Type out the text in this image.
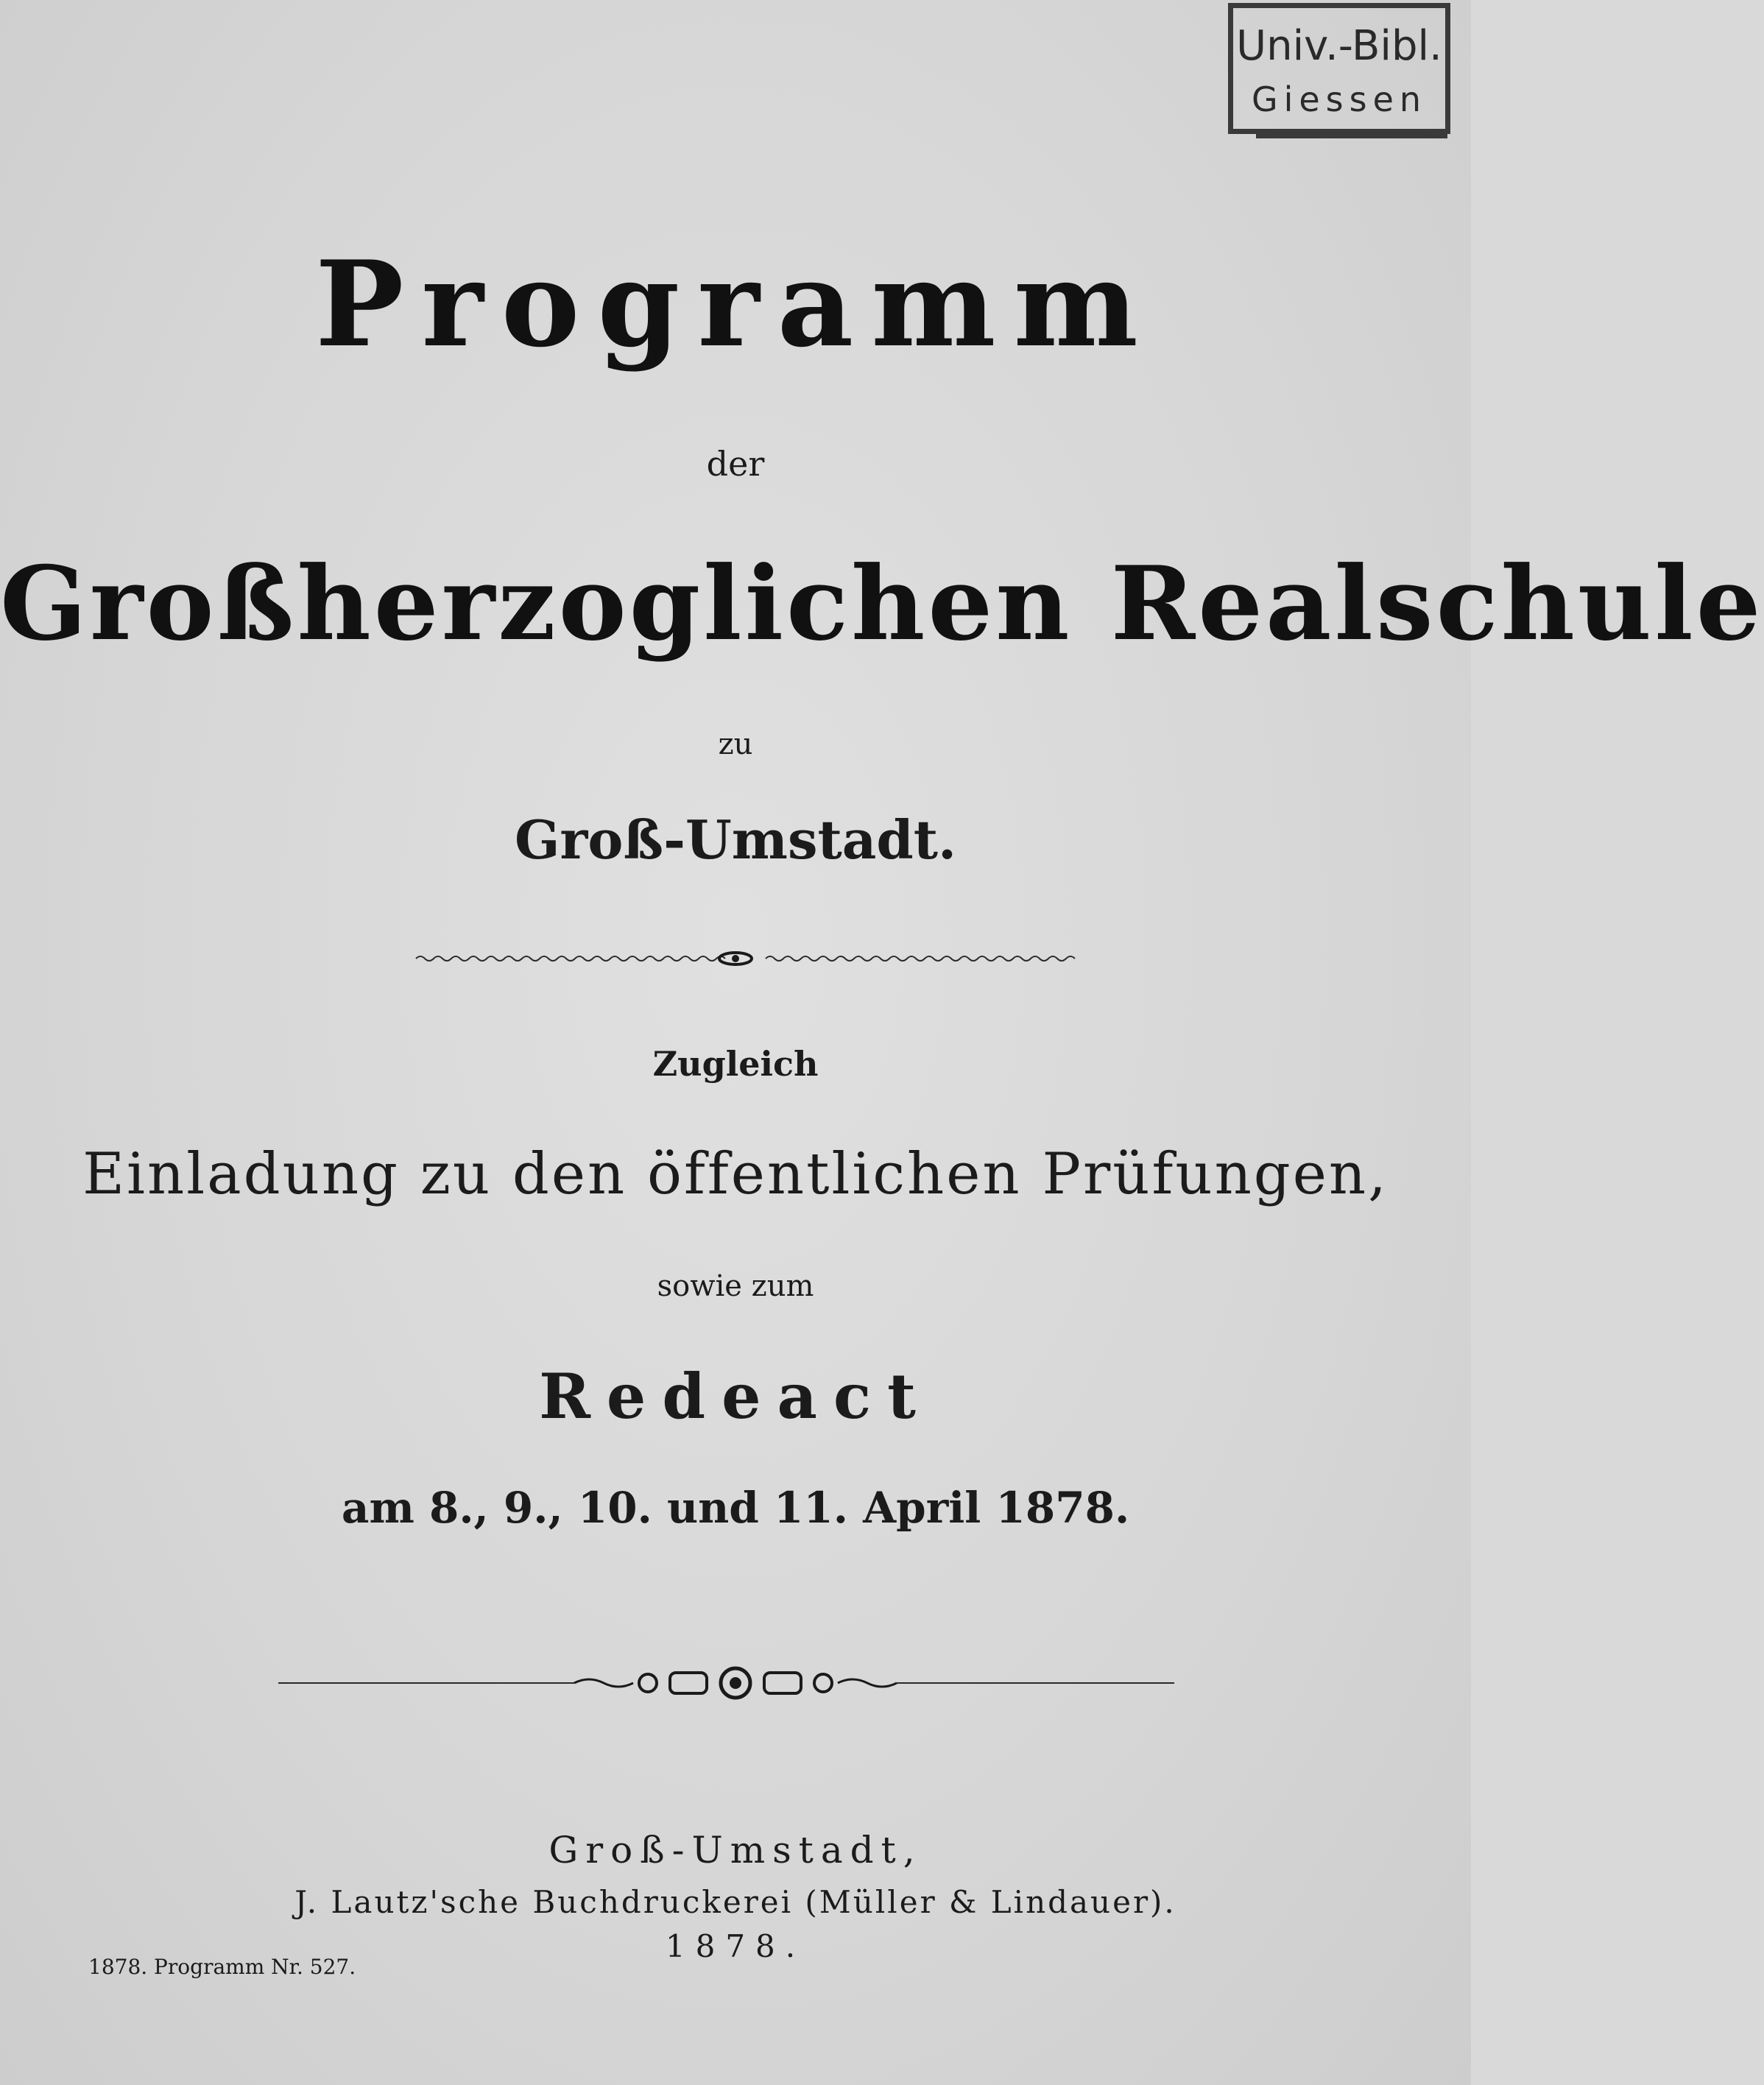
Univ.-Bibl.
Giessen
Programm
der
Großherzoglichen Realschule
zu
Groß-Umstadt.
Zugleich
Einladung zu den öffentlichen Prüfungen,
sowie zum
Redeact
am 8., 9., 10. und 11. April 1878.
Groß-Umstadt,
J. Lautz'sche Buchdruckerei (Müller & Lindauer).
1878.
1878. Programm Nr. 527.
